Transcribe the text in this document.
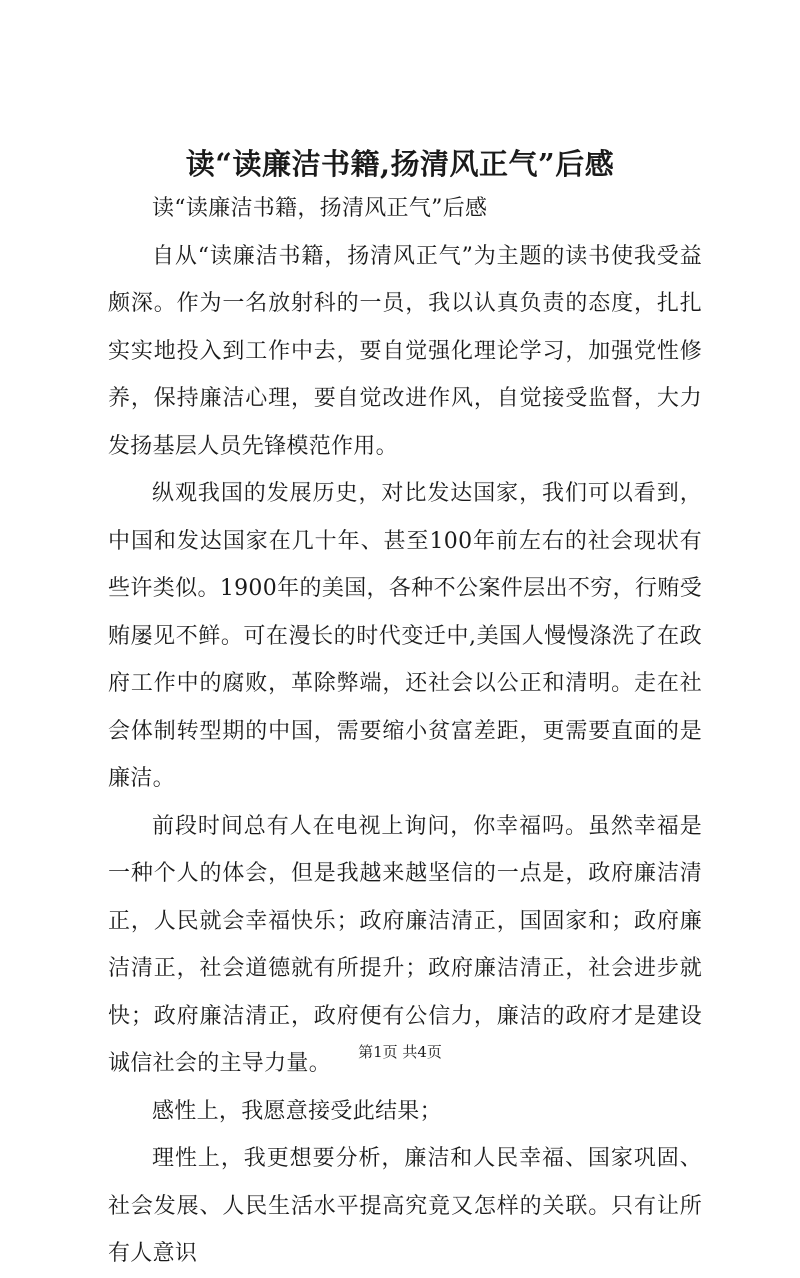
读“读廉洁书籍,扬清风正气”后感

读“读廉洁书籍，扬清风正气”后感

自从“读廉洁书籍，扬清风正气”为主题的读书使我受益颇深。作为一名放射科的一员，我以认真负责的态度，扎扎实实地投入到工作中去，要自觉强化理论学习，加强党性修养，保持廉洁心理，要自觉改进作风，自觉接受监督，大力发扬基层人员先锋模范作用。

纵观我国的发展历史，对比发达国家，我们可以看到，中国和发达国家在几十年、甚至100年前左右的社会现状有些许类似。1900年的美国，各种不公案件层出不穷，行贿受贿屡见不鲜。可在漫长的时代变迁中,美国人慢慢涤洗了在政府工作中的腐败，革除弊端，还社会以公正和清明。走在社会体制转型期的中国，需要缩小贫富差距，更需要直面的是廉洁。

前段时间总有人在电视上询问，你幸福吗。虽然幸福是一种个人的体会，但是我越来越坚信的一点是，政府廉洁清正，人民就会幸福快乐；政府廉洁清正，国固家和；政府廉洁清正，社会道德就有所提升；政府廉洁清正，社会进步就快；政府廉洁清正，政府便有公信力，廉洁的政府才是建设诚信社会的主导力量。

感性上，我愿意接受此结果；

理性上，我更想要分析，廉洁和人民幸福、国家巩固、社会发展、人民生活水平提高究竟又怎样的关联。只有让所有人意识

第1页 共4页
